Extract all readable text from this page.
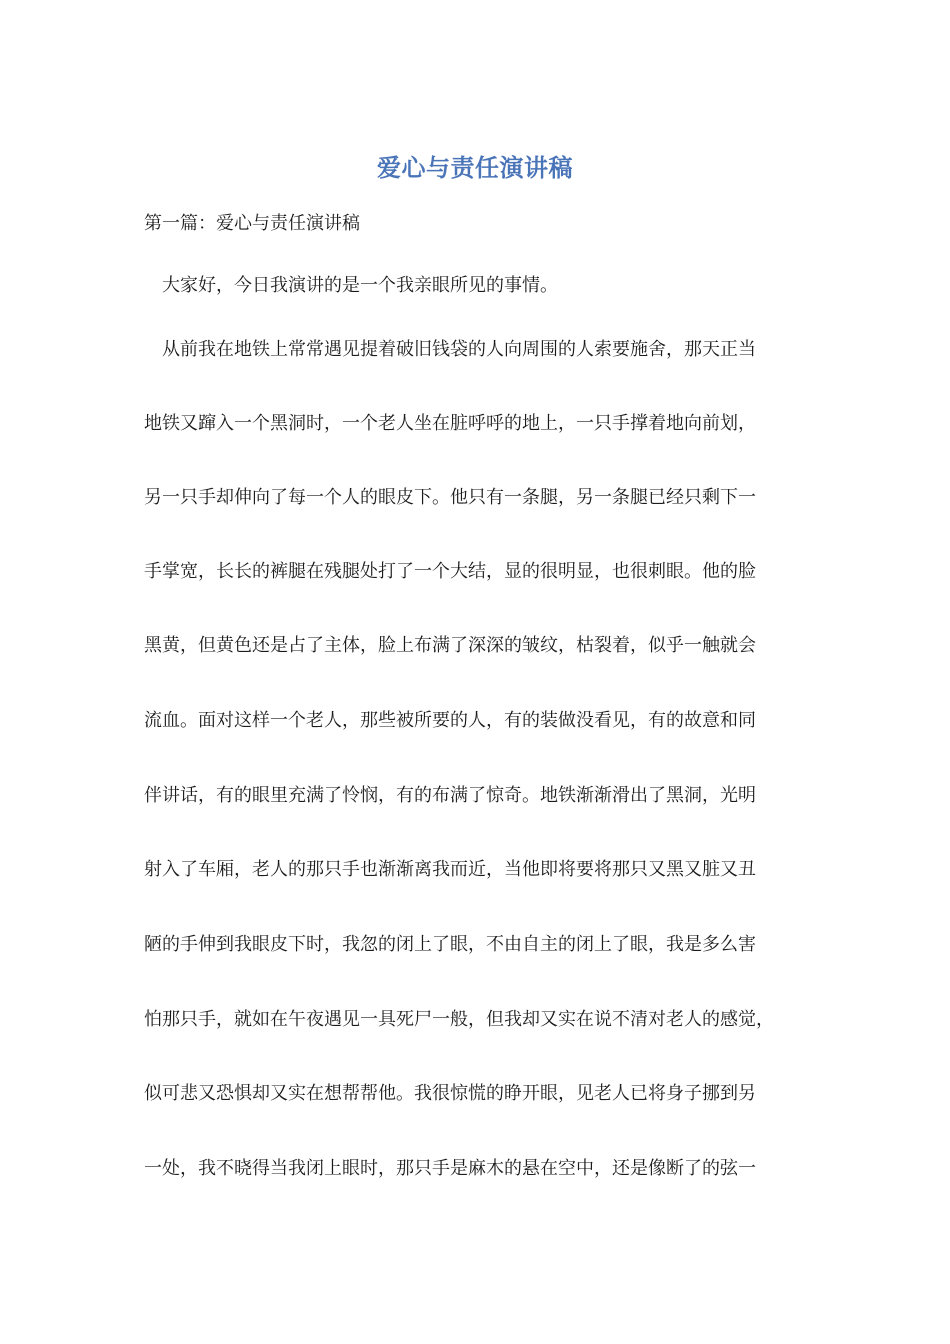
爱心与责任演讲稿
第一篇：爱心与责任演讲稿
大家好，今日我演讲的是一个我亲眼所见的事情。
从前我在地铁上常常遇见提着破旧钱袋的人向周围的人索要施舍，那天正当
地铁又蹿入一个黑洞时，一个老人坐在脏呼呼的地上，一只手撑着地向前划，
另一只手却伸向了每一个人的眼皮下。他只有一条腿，另一条腿已经只剩下一
手掌宽，长长的裤腿在残腿处打了一个大结，显的很明显，也很刺眼。他的脸
黑黄，但黄色还是占了主体，脸上布满了深深的皱纹，枯裂着，似乎一触就会
流血。面对这样一个老人，那些被所要的人，有的装做没看见，有的故意和同
伴讲话，有的眼里充满了怜悯，有的布满了惊奇。地铁渐渐滑出了黑洞，光明
射入了车厢，老人的那只手也渐渐离我而近，当他即将要将那只又黑又脏又丑
陋的手伸到我眼皮下时，我忽的闭上了眼，不由自主的闭上了眼，我是多么害
怕那只手，就如在午夜遇见一具死尸一般，但我却又实在说不清对老人的感觉，
似可悲又恐惧却又实在想帮帮他。我很惊慌的睁开眼，见老人已将身子挪到另
一处，我不晓得当我闭上眼时，那只手是麻木的悬在空中，还是像断了的弦一
